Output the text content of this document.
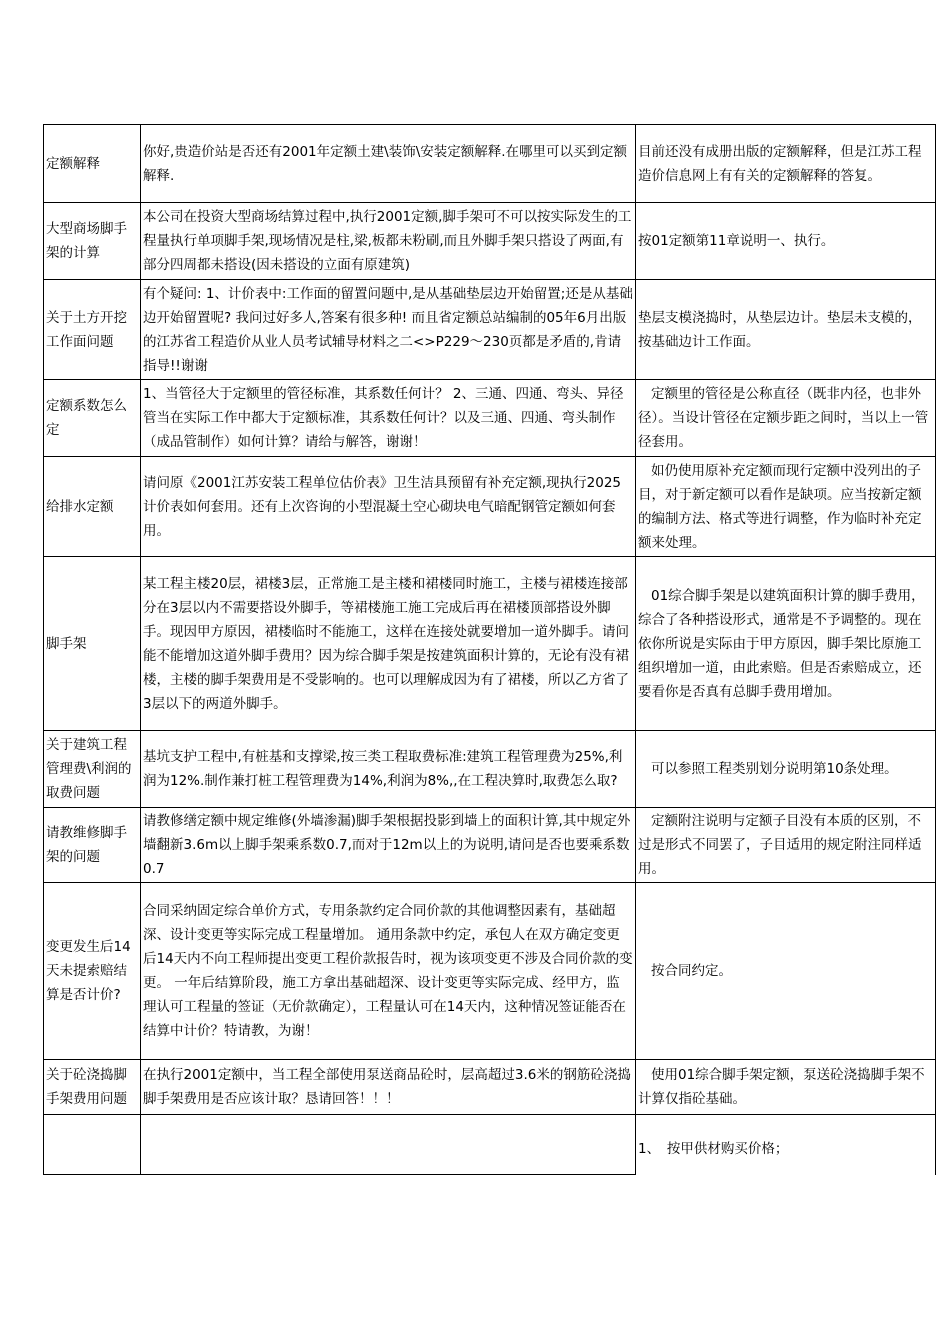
定额解释	你好,贵造价站是否还有2001年定额土建\装饰\安装定额解释.在哪里可以买到定额解释.	目前还没有成册出版的定额解释，但是江苏工程造价信息网上有有关的定额解释的答复。
大型商场脚手架的计算	本公司在投资大型商场结算过程中,执行2001定额,脚手架可不可以按实际发生的工程量执行单项脚手架,现场情况是柱,梁,板都未粉刷,而且外脚手架只搭设了两面,有部分四周都未搭设(因未搭设的立面有原建筑)	按01定额第11章说明一、执行。
关于土方开挖工作面问题	有个疑问: 1、计价表中:工作面的留置问题中,是从基础垫层边开始留置;还是从基础边开始留置呢? 我问过好多人,答案有很多种! 而且省定额总站编制的05年6月出版的江苏省工程造价从业人员考试辅导材料之二<>P229～230页都是矛盾的,肯请指导!!谢谢	垫层支模浇捣时，从垫层边计。垫层未支模的，按基础边计工作面。
定额系数怎么定	1、当管径大于定额里的管径标准，其系数任何计？ 2、三通、四通、弯头、异径管当在实际工作中都大于定额标准，其系数任何计？以及三通、四通、弯头制作（成品管制作）如何计算？请给与解答，谢谢！	定额里的管径是公称直径（既非内径，也非外径）。当设计管径在定额步距之间时，当以上一管径套用。
给排水定额	请问原《2001江苏安装工程单位估价表》卫生洁具预留有补充定额,现执行2025计价表如何套用。还有上次咨询的小型混凝土空心砌块电气暗配钢管定额如何套用。	如仍使用原补充定额而现行定额中没列出的子目，对于新定额可以看作是缺项。应当按新定额的编制方法、格式等进行调整，作为临时补充定额来处理。
脚手架	某工程主楼20层，裙楼3层，正常施工是主楼和裙楼同时施工，主楼与裙楼连接部分在3层以内不需要搭设外脚手，等裙楼施工施工完成后再在裙楼顶部搭设外脚手。现因甲方原因，裙楼临时不能施工，这样在连接处就要增加一道外脚手。请问能不能增加这道外脚手费用？因为综合脚手架是按建筑面积计算的，无论有没有裙楼，主楼的脚手架费用是不受影响的。也可以理解成因为有了裙楼，所以乙方省了3层以下的两道外脚手。	01综合脚手架是以建筑面积计算的脚手费用，综合了各种搭设形式，通常是不予调整的。现在依你所说是实际由于甲方原因，脚手架比原施工组织增加一道，由此索赔。但是否索赔成立，还要看你是否真有总脚手费用增加。
关于建筑工程管理费\利润的取费问题	基坑支护工程中,有桩基和支撑梁,按三类工程取费标准:建筑工程管理费为25%,利润为12%.制作兼打桩工程管理费为14%,利润为8%,,在工程决算时,取费怎么取?	可以参照工程类别划分说明第10条处理。
请教维修脚手架的问题	请教修缮定额中规定维修(外墙渗漏)脚手架根据投影到墙上的面积计算,其中规定外墙翻新3.6m以上脚手架乘系数0.7,而对于12m以上的为说明,请问是否也要乘系数0.7	定额附注说明与定额子目没有本质的区别，不过是形式不同罢了，子目适用的规定附注同样适用。
变更发生后14天未提索赔结算是否计价?	合同采纳固定综合单价方式，专用条款约定合同价款的其他调整因素有，基础超深、设计变更等实际完成工程量增加。 通用条款中约定，承包人在双方确定变更后14天内不向工程师提出变更工程价款报告时，视为该项变更不涉及合同价款的变更。 一年后结算阶段，施工方拿出基础超深、设计变更等实际完成、经甲方，监理认可工程量的签证（无价款确定），工程量认可在14天内，这种情况签证能否在结算中计价？特请教，为谢！	按合同约定。
关于砼浇捣脚手架费用问题	在执行2001定额中，当工程全部使用泵送商品砼时，层高超过3.6米的钢筋砼浇捣脚手架费用是否应该计取？恳请回答！！！	使用01综合脚手架定额，泵送砼浇捣脚手架不计算仅指砼基础。
		1、　按甲供材购买价格；
